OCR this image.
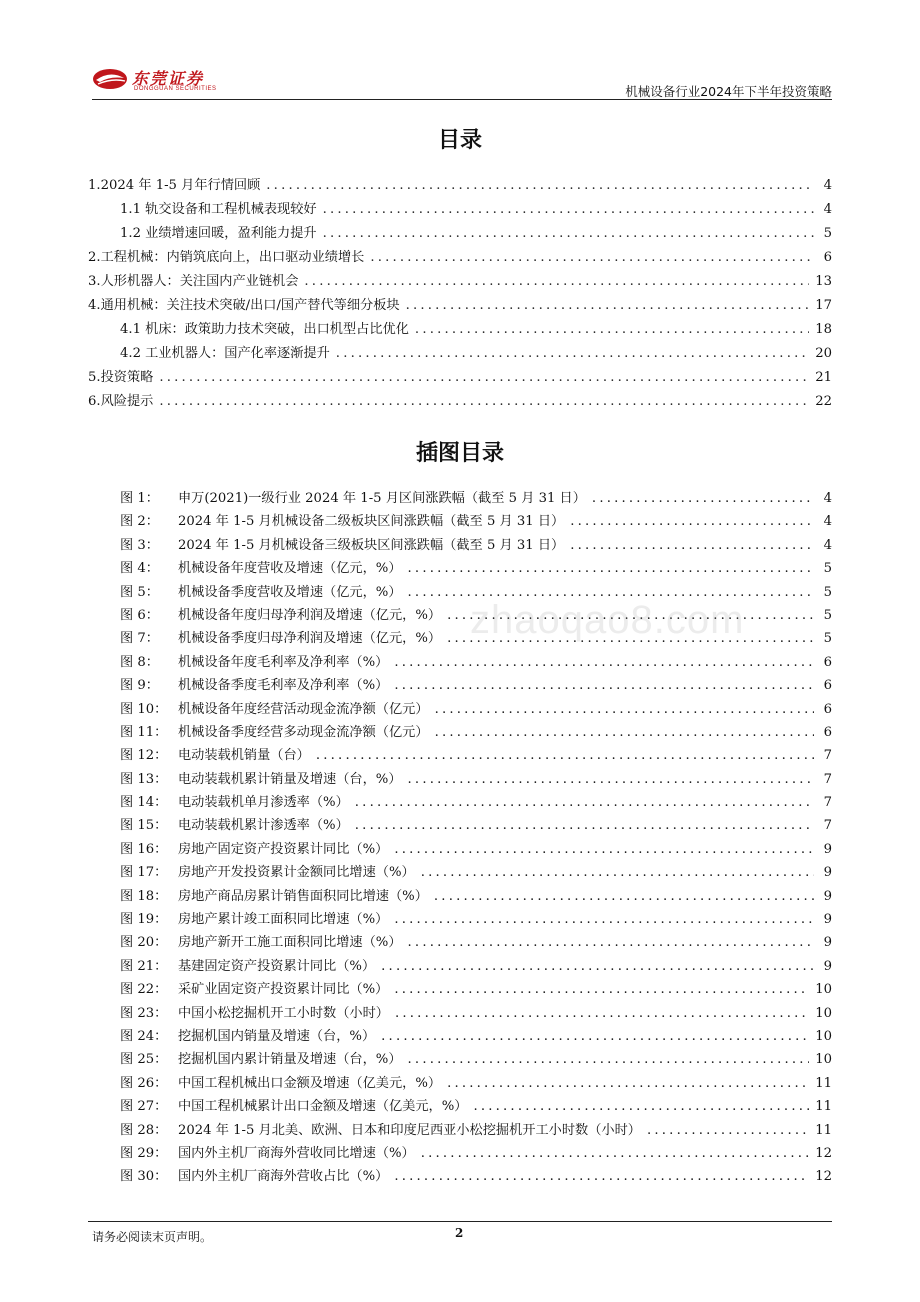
东莞证券
DONGGUAN SECURITIES	机械设备行业2024年下半年投资策略
目录
1.2024 年 1-5 月年行情回顾 .....	4
1.1 轨交设备和工程机械表现较好 .....	4
1.2 业绩增速回暖，盈利能力提升 .....	5
2.工程机械：内销筑底向上，出口驱动业绩增长 .....	6
3.人形机器人：关注国内产业链机会 .....	13
4.通用机械：关注技术突破/出口/国产替代等细分板块 .....	17
4.1 机床：政策助力技术突破，出口机型占比优化 .....	18
4.2 工业机器人：国产化率逐渐提升 .....	20
5.投资策略 .....	21
6.风险提示 .....	22
插图目录
图 1：	申万(2021)一级行业 2024 年 1-5 月区间涨跌幅（截至 5 月 31 日） .....	4
图 2：	2024 年 1-5 月机械设备二级板块区间涨跌幅（截至 5 月 31 日） .....	4
图 3：	2024 年 1-5 月机械设备三级板块区间涨跌幅（截至 5 月 31 日） .....	4
图 4：	机械设备年度营收及增速（亿元，%） .....	5
图 5：	机械设备季度营收及增速（亿元，%） .....	5
图 6：	机械设备年度归母净利润及增速（亿元，%） .....	5
图 7：	机械设备季度归母净利润及增速（亿元，%） .....	5
图 8：	机械设备年度毛利率及净利率（%） .....	6
图 9：	机械设备季度毛利率及净利率（%） .....	6
图 10： 机械设备年度经营活动现金流净额（亿元） .....	6
图 11： 机械设备季度经营多动现金流净额（亿元） .....	6
图 12： 电动装载机销量（台） .....	7
图 13： 电动装载机累计销量及增速（台，%） .....	7
图 14： 电动装载机单月渗透率（%） .....	7
图 15： 电动装载机累计渗透率（%） .....	7
图 16： 房地产固定资产投资累计同比（%） .....	9
图 17： 房地产开发投资累计金额同比增速（%） .....	9
图 18： 房地产商品房累计销售面积同比增速（%） .....	9
图 19： 房地产累计竣工面积同比增速（%） .....	9
图 20： 房地产新开工施工面积同比增速（%） .....	9
图 21： 基建固定资产投资累计同比（%） .....	9
图 22： 采矿业固定资产投资累计同比（%） .....	10
图 23： 中国小松挖掘机开工小时数（小时） .....	10
图 24： 挖掘机国内销量及增速（台，%） .....	10
图 25： 挖掘机国内累计销量及增速（台，%） .....	10
图 26： 中国工程机械出口金额及增速（亿美元，%） .....	11
图 27： 中国工程机械累计出口金额及增速（亿美元，%） .....	11
图 28： 2024 年 1-5 月北美、欧洲、日本和印度尼西亚小松挖掘机开工小时数（小时） .....	11
图 29： 国内外主机厂商海外营收同比增速（%） .....	12
图 30： 国内外主机厂商海外营收占比（%） .....	12
zhaoqao8.com
请务必阅读末页声明。	2
